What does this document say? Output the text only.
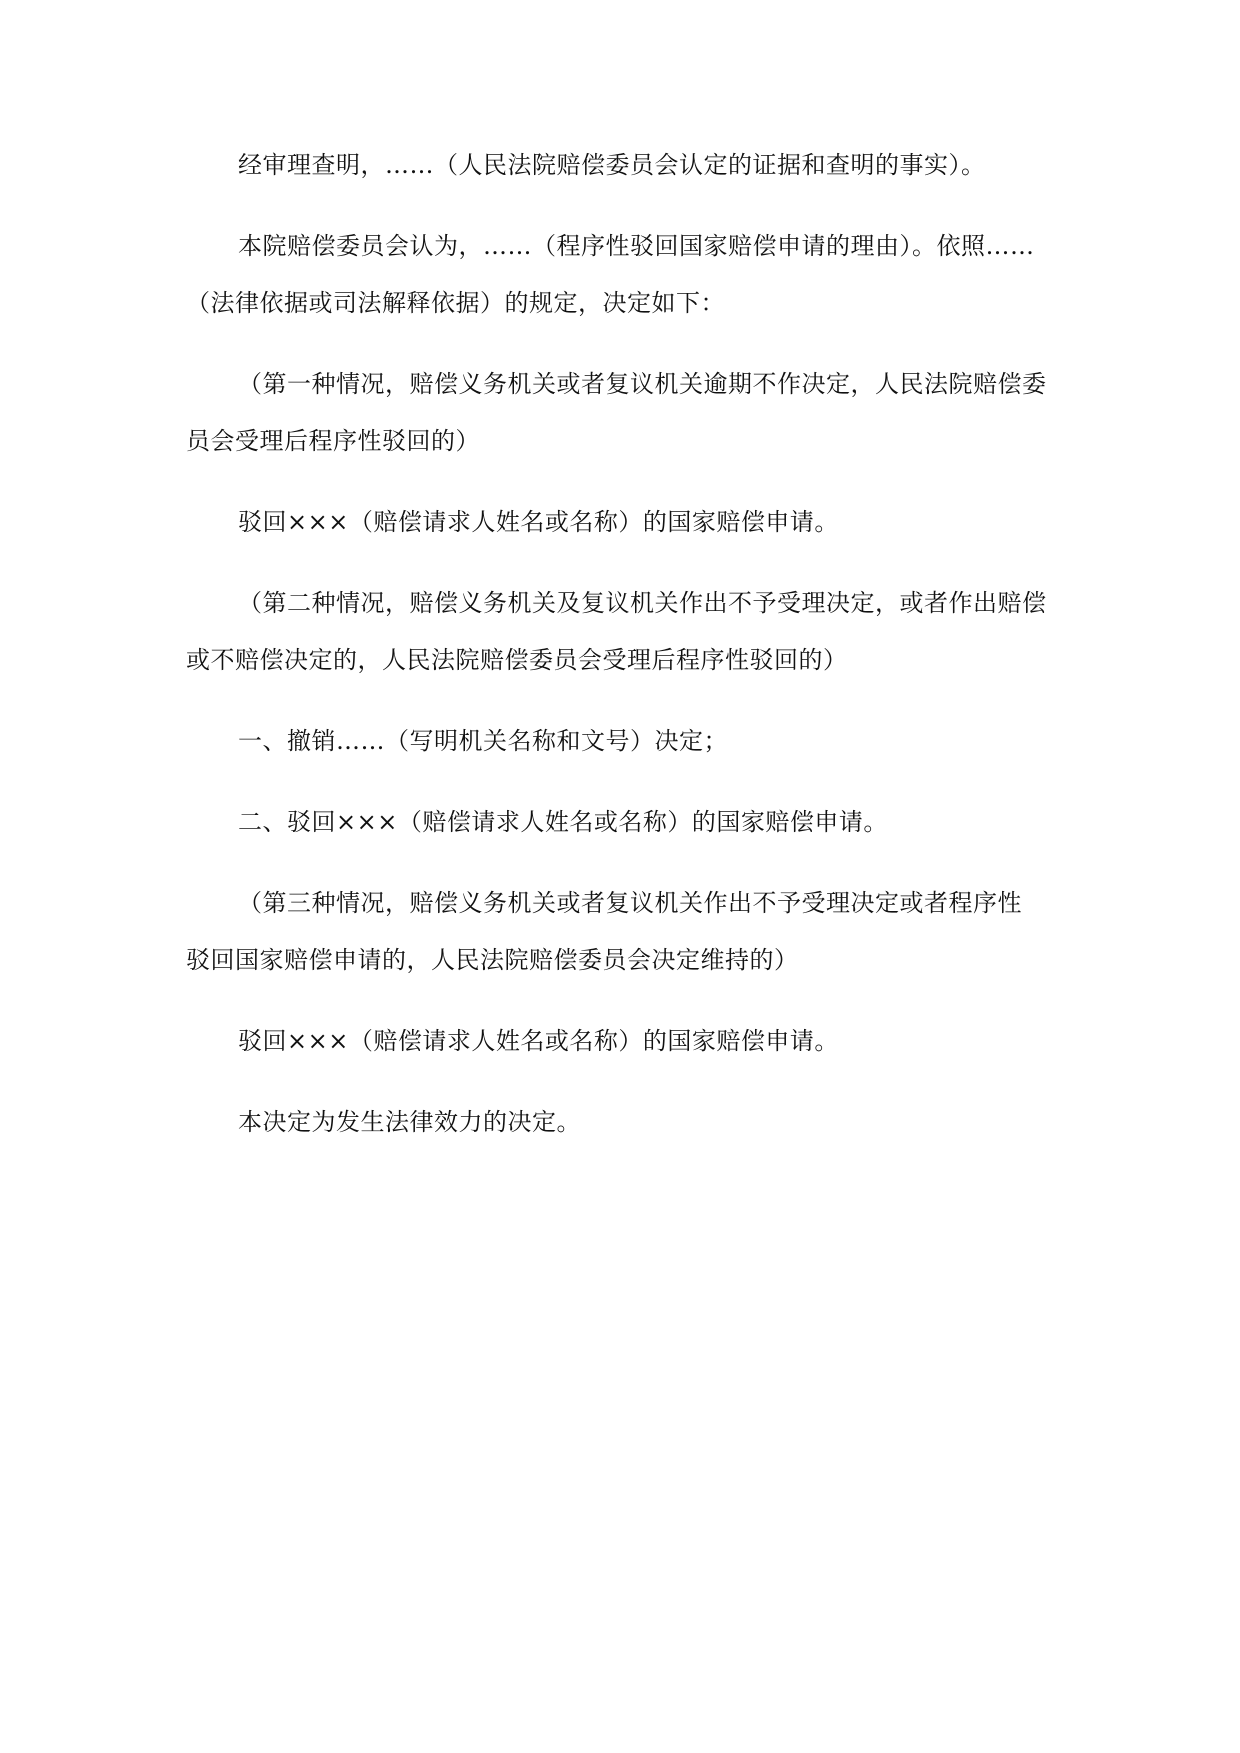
经审理查明，……（人民法院赔偿委员会认定的证据和查明的事实）。
本院赔偿委员会认为，……（程序性驳回国家赔偿申请的理由）。依照……
（法律依据或司法解释依据）的规定，决定如下：
（第一种情况，赔偿义务机关或者复议机关逾期不作决定，人民法院赔偿委
员会受理后程序性驳回的）
驳回×××（赔偿请求人姓名或名称）的国家赔偿申请。
（第二种情况，赔偿义务机关及复议机关作出不予受理决定，或者作出赔偿
或不赔偿决定的，人民法院赔偿委员会受理后程序性驳回的）
一、撤销……（写明机关名称和文号）决定；
二、驳回×××（赔偿请求人姓名或名称）的国家赔偿申请。
（第三种情况，赔偿义务机关或者复议机关作出不予受理决定或者程序性
驳回国家赔偿申请的，人民法院赔偿委员会决定维持的）
驳回×××（赔偿请求人姓名或名称）的国家赔偿申请。
本决定为发生法律效力的决定。
